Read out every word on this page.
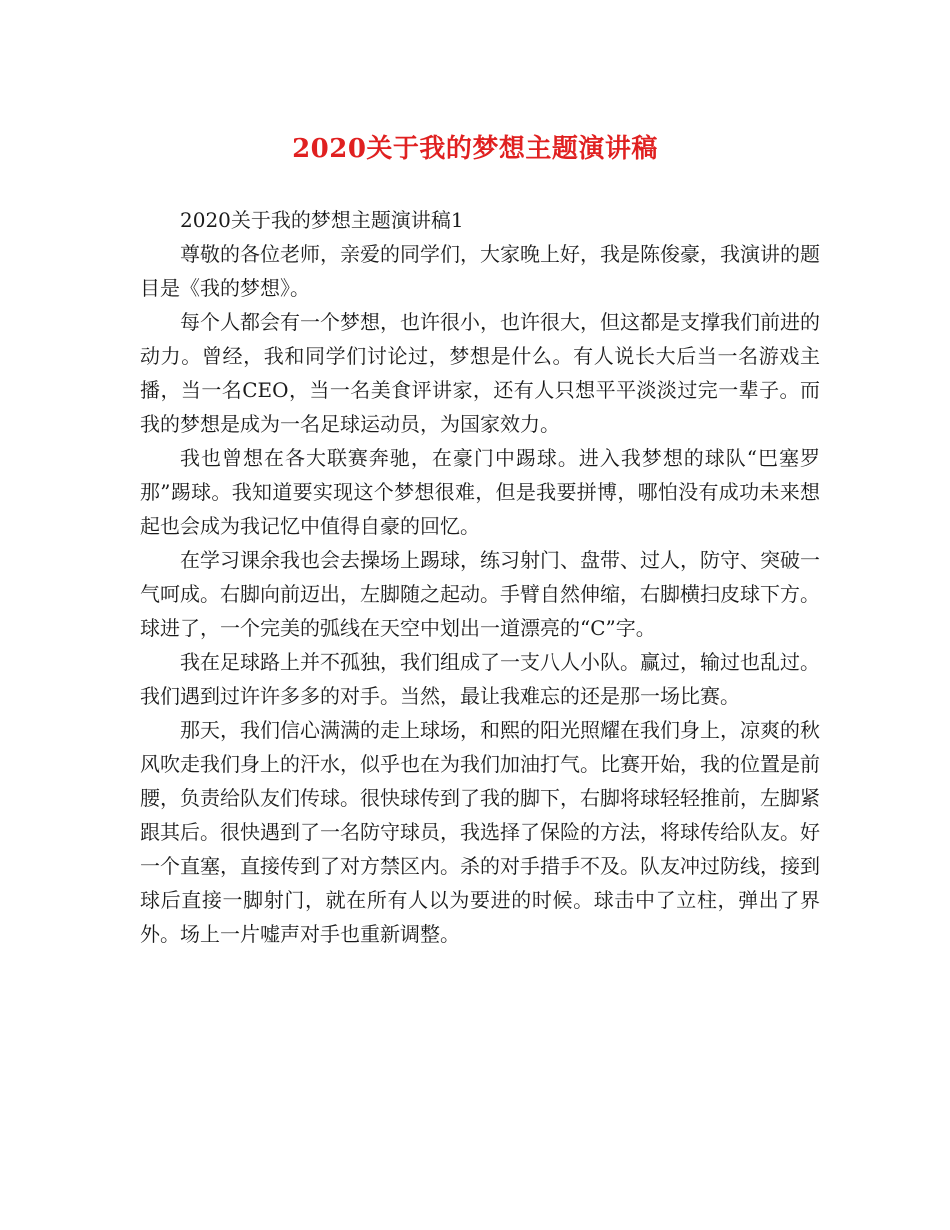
2020关于我的梦想主题演讲稿

2020关于我的梦想主题演讲稿1

尊敬的各位老师，亲爱的同学们，大家晚上好，我是陈俊豪，我演讲的题目是《我的梦想》。

每个人都会有一个梦想，也许很小，也许很大，但这都是支撑我们前进的动力。曾经，我和同学们讨论过，梦想是什么。有人说长大后当一名游戏主播，当一名CEO，当一名美食评讲家，还有人只想平平淡淡过完一辈子。而我的梦想是成为一名足球运动员，为国家效力。

我也曾想在各大联赛奔驰，在豪门中踢球。进入我梦想的球队“巴塞罗那”踢球。我知道要实现这个梦想很难，但是我要拼博，哪怕没有成功未来想起也会成为我记忆中值得自豪的回忆。

在学习课余我也会去操场上踢球，练习射门、盘带、过人，防守、突破一气呵成。右脚向前迈出，左脚随之起动。手臂自然伸缩，右脚横扫皮球下方。球进了，一个完美的弧线在天空中划出一道漂亮的“C”字。

我在足球路上并不孤独，我们组成了一支八人小队。赢过，输过也乱过。我们遇到过许许多多的对手。当然，最让我难忘的还是那一场比赛。

那天，我们信心满满的走上球场，和熙的阳光照耀在我们身上，凉爽的秋风吹走我们身上的汗水，似乎也在为我们加油打气。比赛开始，我的位置是前腰，负责给队友们传球。很快球传到了我的脚下，右脚将球轻轻推前，左脚紧跟其后。很快遇到了一名防守球员，我选择了保险的方法，将球传给队友。好一个直塞，直接传到了对方禁区内。杀的对手措手不及。队友冲过防线，接到球后直接一脚射门，就在所有人以为要进的时候。球击中了立柱，弹出了界外。场上一片嘘声对手也重新调整。
